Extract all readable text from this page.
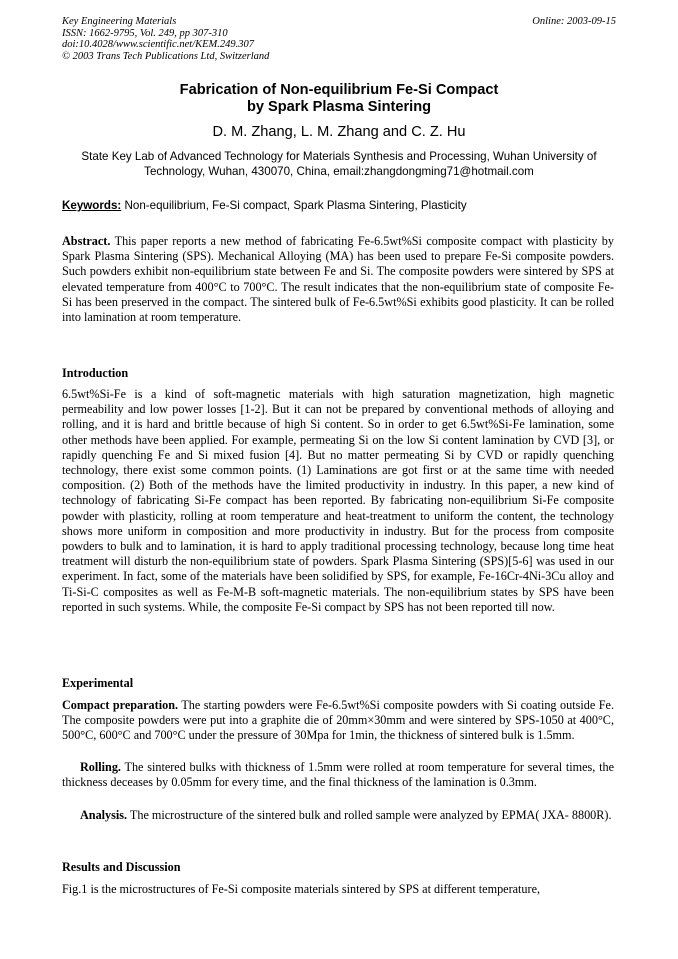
Key Engineering Materials
ISSN: 1662-9795, Vol. 249, pp 307-310
doi:10.4028/www.scientific.net/KEM.249.307
© 2003 Trans Tech Publications Ltd, Switzerland
Online: 2003-09-15
Fabrication of Non-equilibrium Fe-Si Compact
by Spark Plasma Sintering
D. M. Zhang, L. M. Zhang and C. Z. Hu
State Key Lab of Advanced Technology for Materials Synthesis and Processing, Wuhan University of Technology, Wuhan, 430070, China, email:zhangdongming71@hotmail.com
Keywords: Non-equilibrium, Fe-Si compact, Spark Plasma Sintering, Plasticity

Abstract. This paper reports a new method of fabricating Fe-6.5wt%Si composite compact with plasticity by Spark Plasma Sintering (SPS). Mechanical Alloying (MA) has been used to prepare Fe-Si composite powders. Such powders exhibit non-equilibrium state between Fe and Si. The composite powders were sintered by SPS at elevated temperature from 400°C to 700°C. The result indicates that the non-equilibrium state of composite Fe-Si has been preserved in the compact. The sintered bulk of Fe-6.5wt%Si exhibits good plasticity. It can be rolled into lamination at room temperature.

Introduction

6.5wt%Si-Fe is a kind of soft-magnetic materials with high saturation magnetization, high magnetic permeability and low power losses [1-2]. But it can not be prepared by conventional methods of alloying and rolling, and it is hard and brittle because of high Si content. So in order to get 6.5wt%Si-Fe lamination, some other methods have been applied. For example, permeating Si on the low Si content lamination by CVD [3], or rapidly quenching Fe and Si mixed fusion [4]. But no matter permeating Si by CVD or rapidly quenching technology, there exist some common points. (1) Laminations are got first or at the same time with needed composition. (2) Both of the methods have the limited productivity in industry. In this paper, a new kind of technology of fabricating Si-Fe compact has been reported. By fabricating non-equilibrium Si-Fe composite powder with plasticity, rolling at room temperature and heat-treatment to uniform the content, the technology shows more uniform in composition and more productivity in industry. But for the process from composite powders to bulk and to lamination, it is hard to apply traditional processing technology, because long time heat treatment will disturb the non-equilibrium state of powders. Spark Plasma Sintering (SPS)[5-6] was used in our experiment. In fact, some of the materials have been solidified by SPS, for example, Fe-16Cr-4Ni-3Cu alloy and Ti-Si-C composites as well as Fe-M-B soft-magnetic materials. The non-equilibrium states by SPS have been reported in such systems. While, the composite Fe-Si compact by SPS has not been reported till now.

Experimental

Compact preparation. The starting powders were Fe-6.5wt%Si composite powders with Si coating outside Fe. The composite powders were put into a graphite die of 20mm×30mm and were sintered by SPS-1050 at 400°C, 500°C, 600°C and 700°C under the pressure of 30Mpa for 1min, the thickness of sintered bulk is 1.5mm.

Rolling. The sintered bulks with thickness of 1.5mm were rolled at room temperature for several times, the thickness deceases by 0.05mm for every time, and the final thickness of the lamination is 0.3mm.

Analysis. The microstructure of the sintered bulk and rolled sample were analyzed by EPMA( JXA- 8800R).

Results and Discussion

Fig.1 is the microstructures of Fe-Si composite materials sintered by SPS at different temperature,
